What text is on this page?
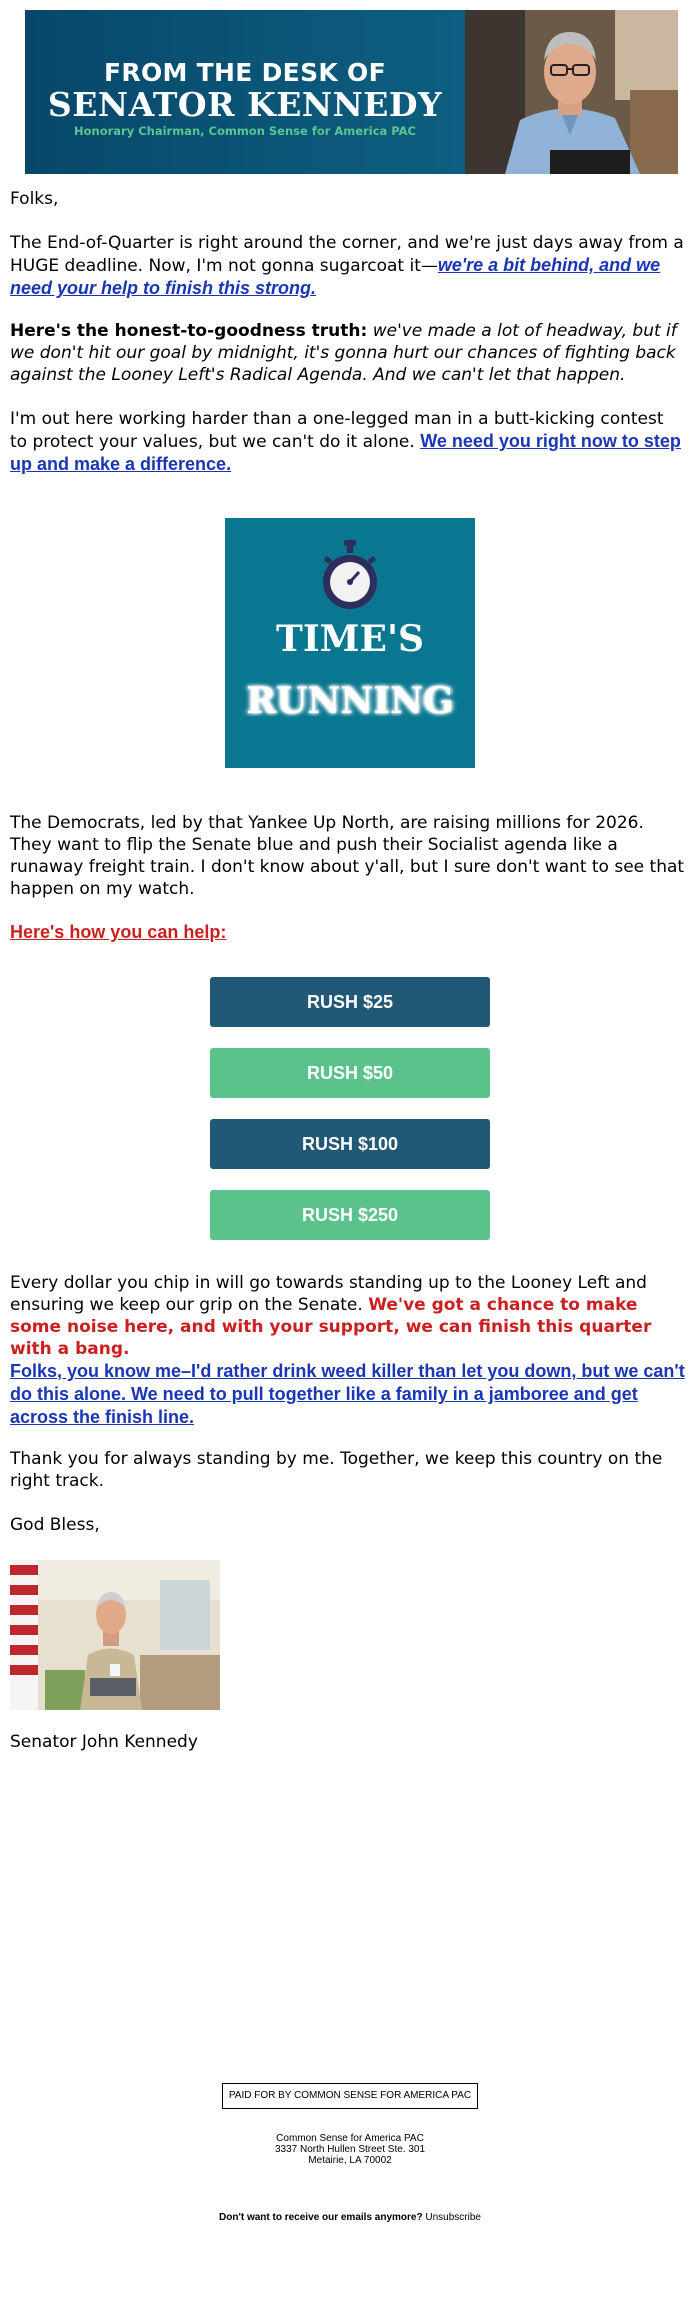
FROM THE DESK OF
SENATOR KENNEDY
Honorary Chairman, Common Sense for America PAC

Folks,

The End-of-Quarter is right around the corner, and we're just days away from a HUGE deadline. Now, I'm not gonna sugarcoat it—we're a bit behind, and we need your help to finish this strong.

Here's the honest-to-goodness truth: we've made a lot of headway, but if we don't hit our goal by midnight, it's gonna hurt our chances of fighting back against the Looney Left's Radical Agenda. And we can't let that happen.

I'm out here working harder than a one-legged man in a butt-kicking contest to protect your values, but we can't do it alone. We need you right now to step up and make a difference.

TIME'S
RUNNING

The Democrats, led by that Yankee Up North, are raising millions for 2026. They want to flip the Senate blue and push their Socialist agenda like a runaway freight train. I don't know about y'all, but I sure don't want to see that happen on my watch.

Here's how you can help:
RUSH $25
RUSH $50
RUSH $100
RUSH $250

Every dollar you chip in will go towards standing up to the Looney Left and ensuring we keep our grip on the Senate. We've got a chance to make some noise here, and with your support, we can finish this quarter with a bang.

Folks, you know me–I'd rather drink weed killer than let you down, but we can't do this alone. We need to pull together like a family in a jamboree and get across the finish line.

Thank you for always standing by me. Together, we keep this country on the right track.

God Bless,

Senator John Kennedy

PAID FOR BY COMMON SENSE FOR AMERICA PAC
Common Sense for America PAC
3337 North Hullen Street Ste. 301
Metairie, LA 70002
Don't want to receive our emails anymore? Unsubscribe
